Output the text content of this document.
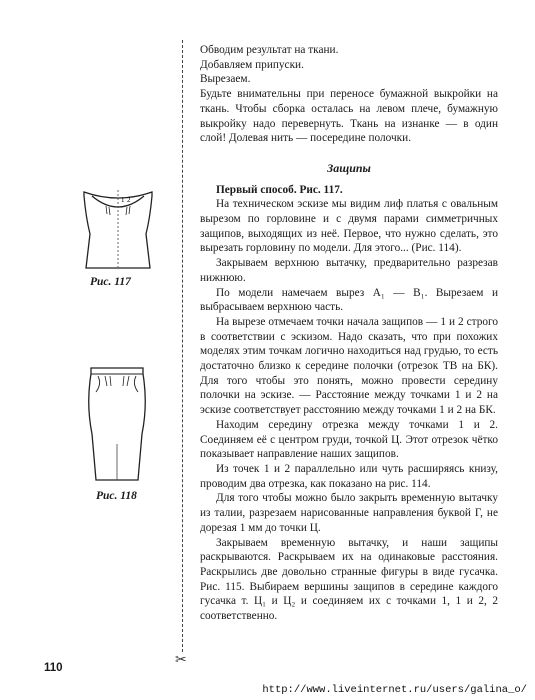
✂
1 2
Рис. 117
Рис. 118

Обводим результат на ткани.

Добавляем припуски.

Вырезаем.

Будьте внимательны при переносе бумажной выкройки на ткань. Чтобы сборка осталась на левом плече, бумажную выкройку надо перевернуть. Ткань на изнанке — в один слой! Долевая нить — посередине полочки.

Защипы

Первый способ. Рис. 117.

На техническом эскизе мы видим лиф платья с овальным вырезом по горловине и с двумя парами симметричных защипов, выходящих из неё. Первое, что нужно сделать, это вырезать горловину по модели. Для этого... (Рис. 114).

Закрываем верхнюю вытачку, предварительно разрезав нижнюю.

По модели намечаем вырез А₁ — В₁. Вырезаем и выбрасываем верхнюю часть.

На вырезе отмечаем точки начала защипов — 1 и 2 строго в соответствии с эскизом. Надо сказать, что при похожих моделях этим точкам логично находиться над грудью, то есть достаточно близко к середине полочки (отрезок ТВ на БК). Для того чтобы это понять, можно провести середину полочки на эскизе. — Расстояние между точками 1 и 2 на эскизе соответствует расстоянию между точками 1 и 2 на БК.

Находим середину отрезка между точками 1 и 2. Соединяем её с центром груди, точкой Ц. Этот отрезок чётко показывает направление наших защипов.

Из точек 1 и 2 параллельно или чуть расширяясь книзу, проводим два отрезка, как показано на рис. 114.

Для того чтобы можно было закрыть временную вытачку из талии, разрезаем нарисованные направления буквой Г, не дорезая 1 мм до точки Ц.

Закрываем временную вытачку, и наши защипы раскрываются. Раскрываем их на одинаковые расстояния. Раскрылись две довольно странные фигуры в виде гусачка. Рис. 115. Выбираем вершины защипов в середине каждого гусачка т. Ц₁ и Ц₂ и соединяем их с точками 1, 1 и 2, 2 соответственно.

110
http://www.liveinternet.ru/users/galina_o/
